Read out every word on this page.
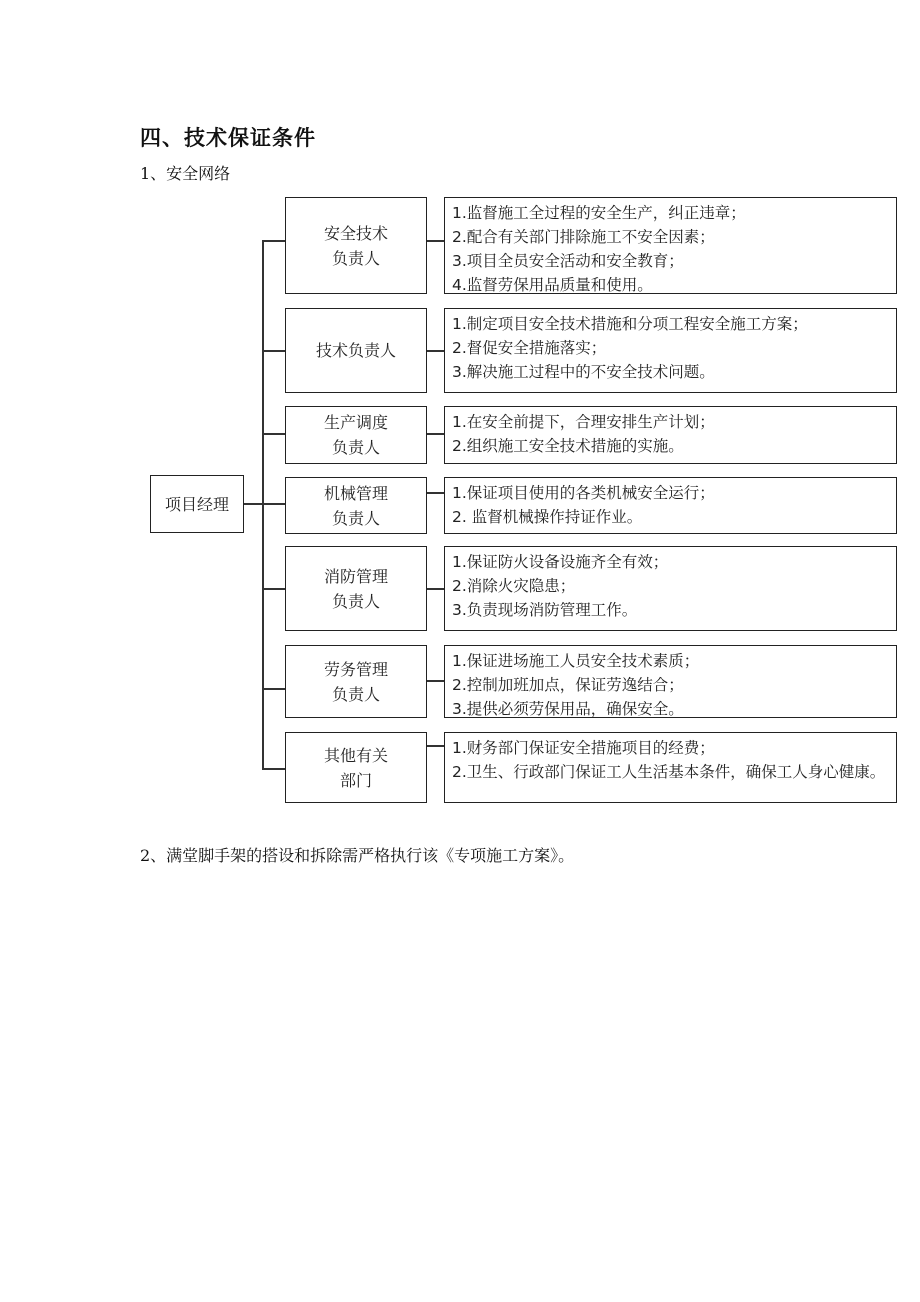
四、技术保证条件
1、安全网络
项目经理
安全技术
负责人
1.监督施工全过程的安全生产，纠正违章；
2.配合有关部门排除施工不安全因素；
3.项目全员安全活动和安全教育；
4.监督劳保用品质量和使用。
技术负责人
1.制定项目安全技术措施和分项工程安全施工方案；
2.督促安全措施落实；
3.解决施工过程中的不安全技术问题。
生产调度
负责人
1.在安全前提下，合理安排生产计划；
2.组织施工安全技术措施的实施。
机械管理
负责人
1.保证项目使用的各类机械安全运行；
2. 监督机械操作持证作业。
消防管理
负责人
1.保证防火设备设施齐全有效；
2.消除火灾隐患；
3.负责现场消防管理工作。
劳务管理
负责人
1.保证进场施工人员安全技术素质；
2.控制加班加点，保证劳逸结合；
3.提供必须劳保用品，确保安全。
其他有关
部门
1.财务部门保证安全措施项目的经费；
2.卫生、行政部门保证工人生活基本条件，确保工人身心健康。
2、满堂脚手架的搭设和拆除需严格执行该《专项施工方案》。
